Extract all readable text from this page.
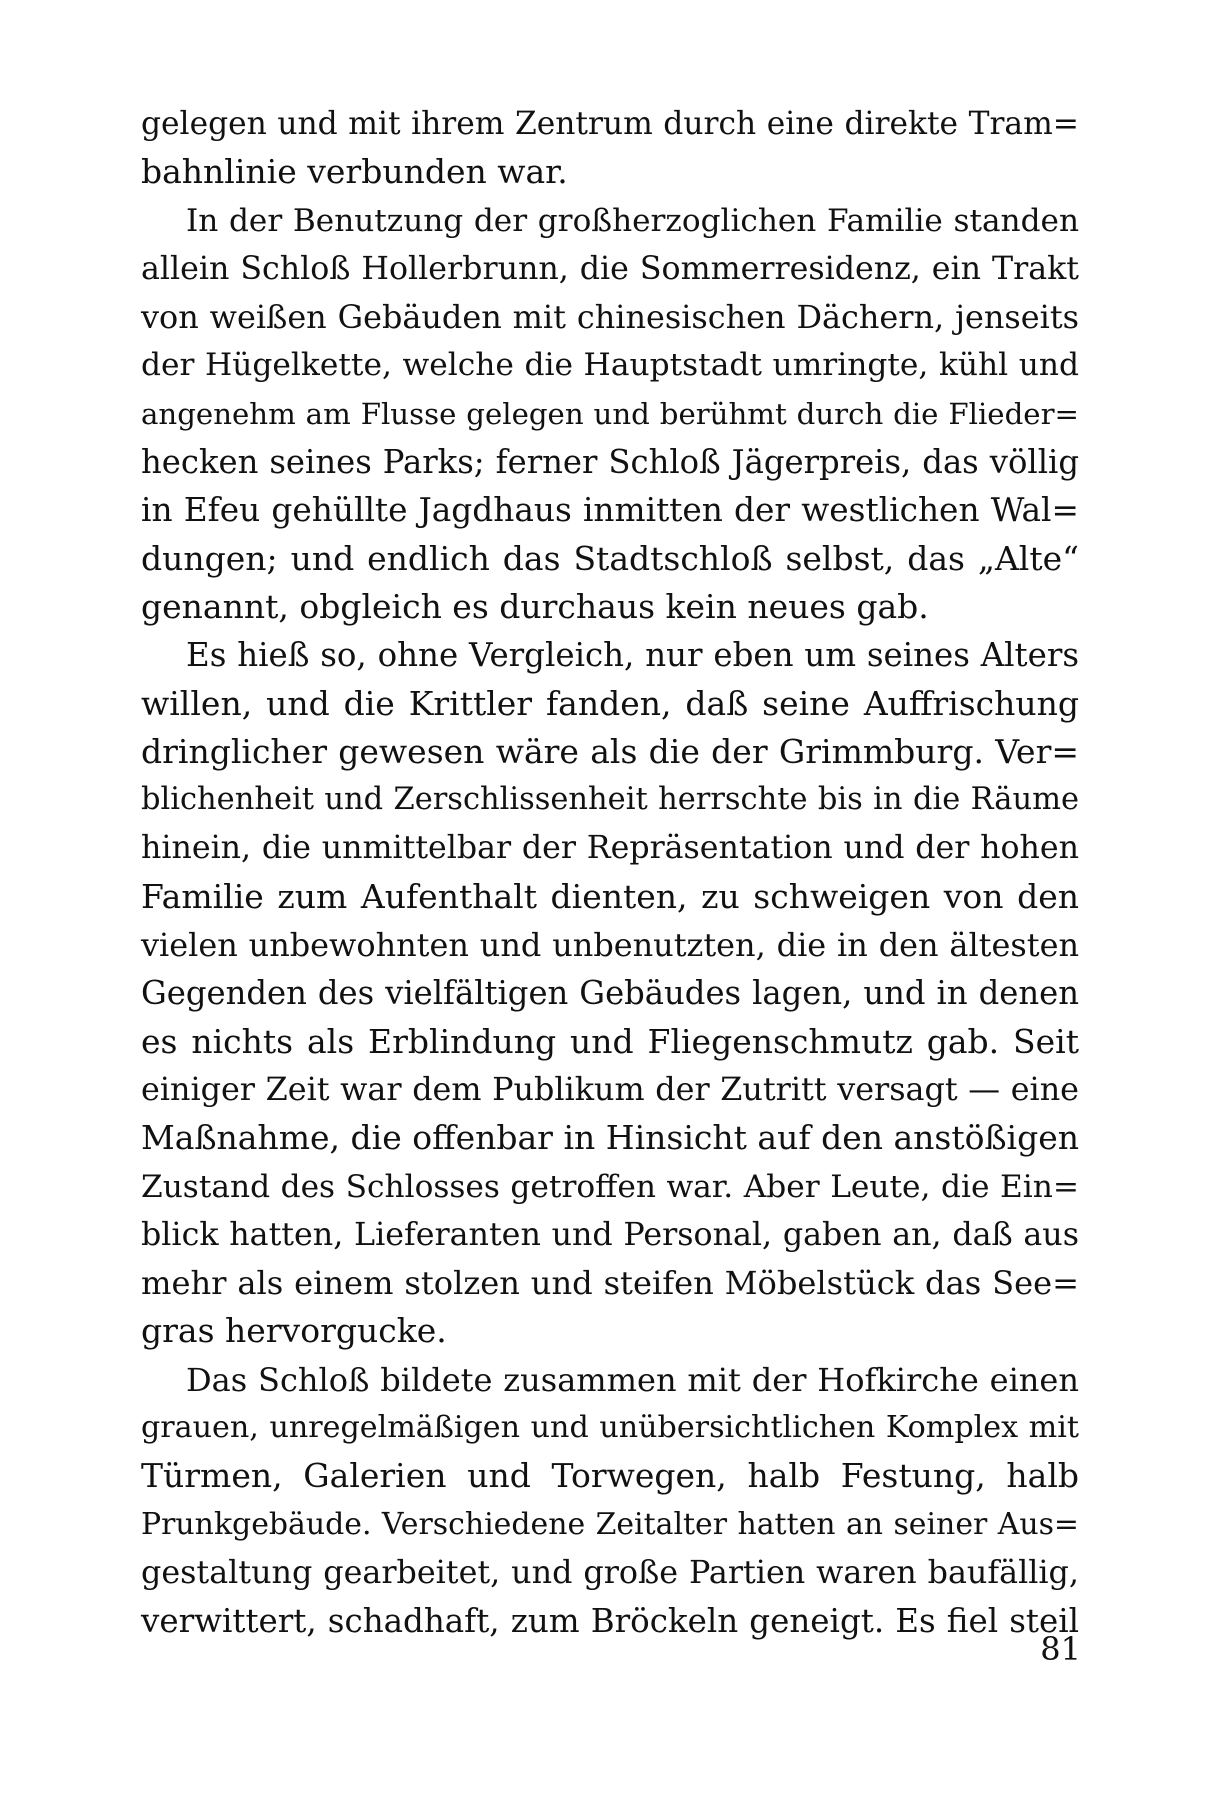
gelegen und mit ihrem Zentrum durch eine direkte Tram=
bahnlinie verbunden war.
In der Benutzung der großherzoglichen Familie standen
allein Schloß Hollerbrunn, die Sommerresidenz, ein Trakt
von weißen Gebäuden mit chinesischen Dächern, jenseits
der Hügelkette, welche die Hauptstadt umringte, kühl und
angenehm am Flusse gelegen und berühmt durch die Flieder=
hecken seines Parks; ferner Schloß Jägerpreis, das völlig
in Efeu gehüllte Jagdhaus inmitten der westlichen Wal=
dungen; und endlich das Stadtschloß selbst, das „Alte“
genannt, obgleich es durchaus kein neues gab.
Es hieß so, ohne Vergleich, nur eben um seines Alters
willen, und die Krittler fanden, daß seine Auffrischung
dringlicher gewesen wäre als die der Grimmburg. Ver=
blichenheit und Zerschlissenheit herrschte bis in die Räume
hinein, die unmittelbar der Repräsentation und der hohen
Familie zum Aufenthalt dienten, zu schweigen von den
vielen unbewohnten und unbenutzten, die in den ältesten
Gegenden des vielfältigen Gebäudes lagen, und in denen
es nichts als Erblindung und Fliegenschmutz gab. Seit
einiger Zeit war dem Publikum der Zutritt versagt — eine
Maßnahme, die offenbar in Hinsicht auf den anstößigen
Zustand des Schlosses getroffen war. Aber Leute, die Ein=
blick hatten, Lieferanten und Personal, gaben an, daß aus
mehr als einem stolzen und steifen Möbelstück das See=
gras hervorgucke.
Das Schloß bildete zusammen mit der Hofkirche einen
grauen, unregelmäßigen und unübersichtlichen Komplex mit
Türmen, Galerien und Torwegen, halb Festung, halb
Prunkgebäude. Verschiedene Zeitalter hatten an seiner Aus=
gestaltung gearbeitet, und große Partien waren baufällig,
verwittert, schadhaft, zum Bröckeln geneigt. Es fiel steil
81
